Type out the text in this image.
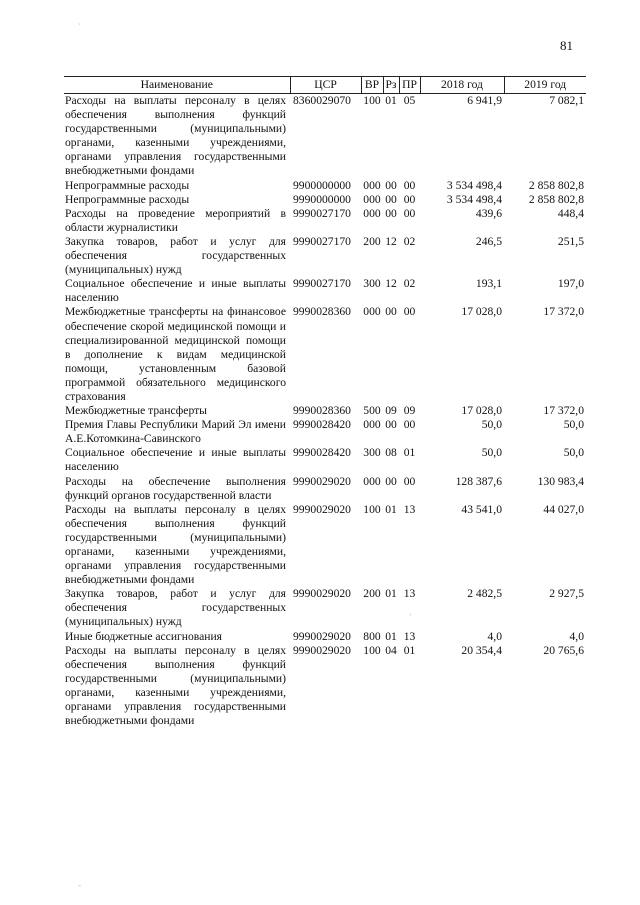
81
Наименование	ЦСР	ВР	Рз	ПР	2018 год	2019 год
Расходы на выплаты персоналу в целях обеспечения выполнения функций государственными (муниципальными) органами, казенными учреждениями, органами управления государственными внебюджетными фондами	8360029070	100	01	05	6 941,9	7 082,1
Непрограммные расходы	9900000000	000	00	00	3 534 498,4	2 858 802,8
Непрограммные расходы	9990000000	000	00	00	3 534 498,4	2 858 802,8
Расходы на проведение мероприятий в области журналистики	9990027170	000	00	00	439,6	448,4
Закупка товаров, работ и услуг для обеспечения государственных (муниципальных) нужд	9990027170	200	12	02	246,5	251,5
Социальное обеспечение и иные выплаты населению	9990027170	300	12	02	193,1	197,0
Межбюджетные трансферты на финансовое обеспечение скорой медицинской помощи и специализированной медицинской помощи в дополнение к видам медицинской помощи, установленным базовой программой обязательного медицинского страхования	9990028360	000	00	00	17 028,0	17 372,0
Межбюджетные трансферты	9990028360	500	09	09	17 028,0	17 372,0
Премия Главы Республики Марий Эл имени А.Е.Котомкина-Савинского	9990028420	000	00	00	50,0	50,0
Социальное обеспечение и иные выплаты населению	9990028420	300	08	01	50,0	50,0
Расходы на обеспечение выполнения функций органов государственной власти	9990029020	000	00	00	128 387,6	130 983,4
Расходы на выплаты персоналу в целях обеспечения выполнения функций государственными (муниципальными) органами, казенными учреждениями, органами управления государственными внебюджетными фондами	9990029020	100	01	13	43 541,0	44 027,0
Закупка товаров, работ и услуг для обеспечения государственных (муниципальных) нужд	9990029020	200	01	13	2 482,5	2 927,5
Иные бюджетные ассигнования	9990029020	800	01	13	4,0	4,0
Расходы на выплаты персоналу в целях обеспечения выполнения функций государственными (муниципальными) органами, казенными учреждениями, органами управления государственными внебюджетными фондами	9990029020	100	04	01	20 354,4	20 765,6
`
'
-
